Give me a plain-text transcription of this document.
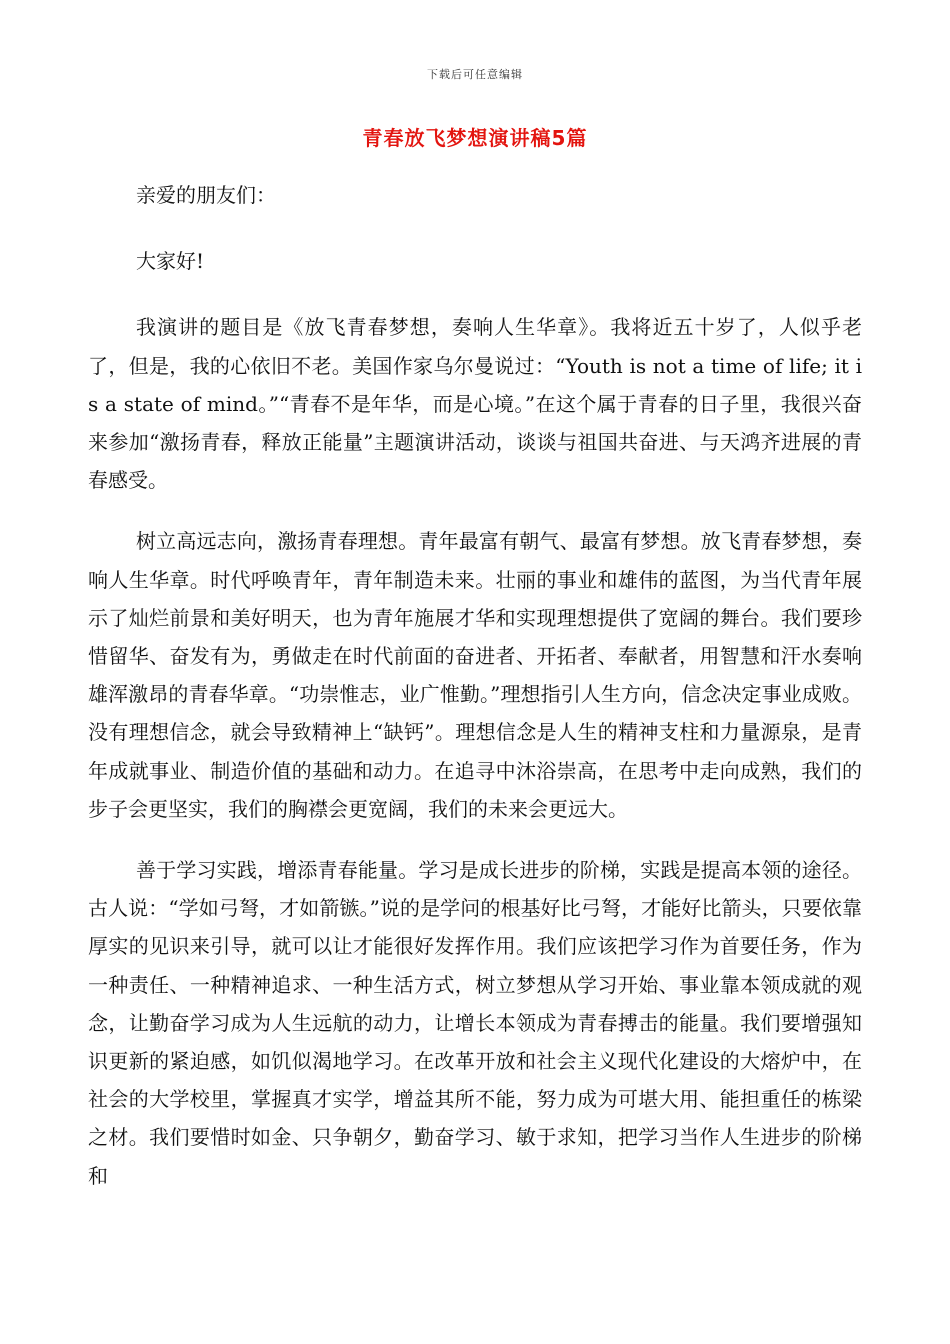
下载后可任意编辑
青春放飞梦想演讲稿5篇

亲爱的朋友们：

大家好!

我演讲的题目是《放飞青春梦想，奏响人生华章》。我将近五十岁了，人似乎老了，但是，我的心依旧不老。美国作家乌尔曼说过：“Youth is not a time of life; it is a state of mind。”“青春不是年华，而是心境。”在这个属于青春的日子里，我很兴奋来参加“激扬青春，释放正能量”主题演讲活动，谈谈与祖国共奋进、与天鸿齐进展的青春感受。

树立高远志向，激扬青春理想。青年最富有朝气、最富有梦想。放飞青春梦想，奏响人生华章。时代呼唤青年，青年制造未来。壮丽的事业和雄伟的蓝图，为当代青年展示了灿烂前景和美好明天，也为青年施展才华和实现理想提供了宽阔的舞台。我们要珍惜留华、奋发有为，勇做走在时代前面的奋进者、开拓者、奉献者，用智慧和汗水奏响雄浑激昂的青春华章。“功崇惟志，业广惟勤。”理想指引人生方向，信念决定事业成败。没有理想信念，就会导致精神上“缺钙”。理想信念是人生的精神支柱和力量源泉，是青年成就事业、制造价值的基础和动力。在追寻中沐浴崇高，在思考中走向成熟，我们的步子会更坚实，我们的胸襟会更宽阔，我们的未来会更远大。

善于学习实践，增添青春能量。学习是成长进步的阶梯，实践是提高本领的途径。古人说：“学如弓弩，才如箭镞。”说的是学问的根基好比弓弩，才能好比箭头，只要依靠厚实的见识来引导，就可以让才能很好发挥作用。我们应该把学习作为首要任务，作为一种责任、一种精神追求、一种生活方式，树立梦想从学习开始、事业靠本领成就的观念，让勤奋学习成为人生远航的动力，让增长本领成为青春搏击的能量。我们要增强知识更新的紧迫感，如饥似渴地学习。在改革开放和社会主义现代化建设的大熔炉中，在社会的大学校里，掌握真才实学，增益其所不能，努力成为可堪大用、能担重任的栋梁之材。我们要惜时如金、只争朝夕，勤奋学习、敏于求知，把学习当作人生进步的阶梯和
